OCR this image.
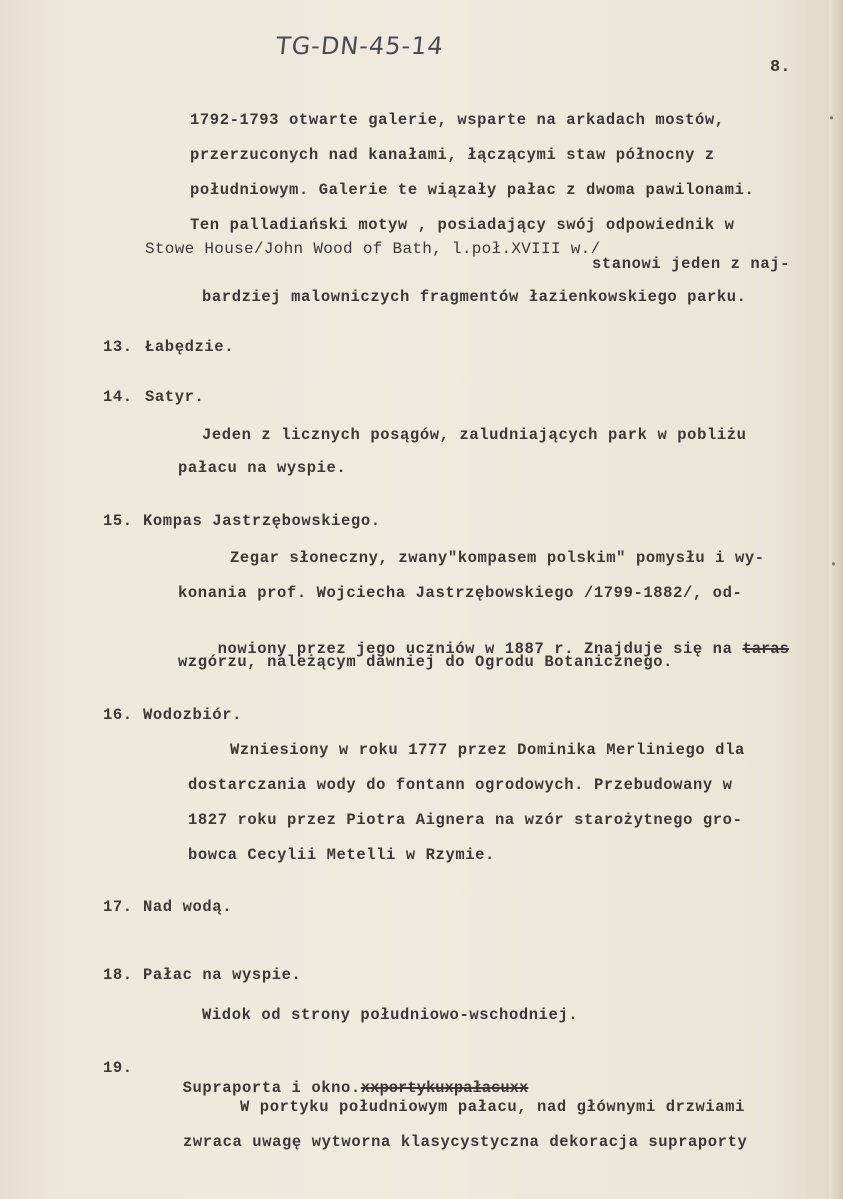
TG-DN-45-14
8.
1792-1793 otwarte galerie, wsparte na arkadach mostów,
przerzuconych nad kanałami, łączącymi staw północny z
południowym. Galerie te wiązały pałac z dwoma pawilonami.
Ten palladiański motyw , posiadający swój odpowiednik w
Stowe House/John Wood of Bath, l.poł.XVIII w./
stanowi jeden z naj-
bardziej malowniczych fragmentów łazienkowskiego parku.
13. Łabędzie.
14. Satyr.
Jeden z licznych posągów, zaludniających park w pobliżu
pałacu na wyspie.
15. Kompas Jastrzębowskiego.
Zegar słoneczny, zwany"kompasem polskim" pomysłu i wy-
konania prof. Wojciecha Jastrzębowskiego /1799-1882/, od-

nowiony przez jego uczniów w 1887 r. Znajduje się na taras

wzgórzu, należącym dawniej do Ogrodu Botanicznego.
16. Wodozbiór.
Wzniesiony w roku 1777 przez Dominika Merliniego dla
dostarczania wody do fontann ogrodowych. Przebudowany w
1827 roku przez Piotra Aignera na wzór starożytnego gro-
bowca Cecylii Metelli w Rzymie.
17. Nad wodą.
18. Pałac na wyspie.
Widok od strony południowo-wschodniej.
19.

Supraporta i okno.xxportykuxpałacuxx

W portyku południowym pałacu, nad głównymi drzwiami
zwraca uwagę wytworna klasycystyczna dekoracja supraporty
•
•
